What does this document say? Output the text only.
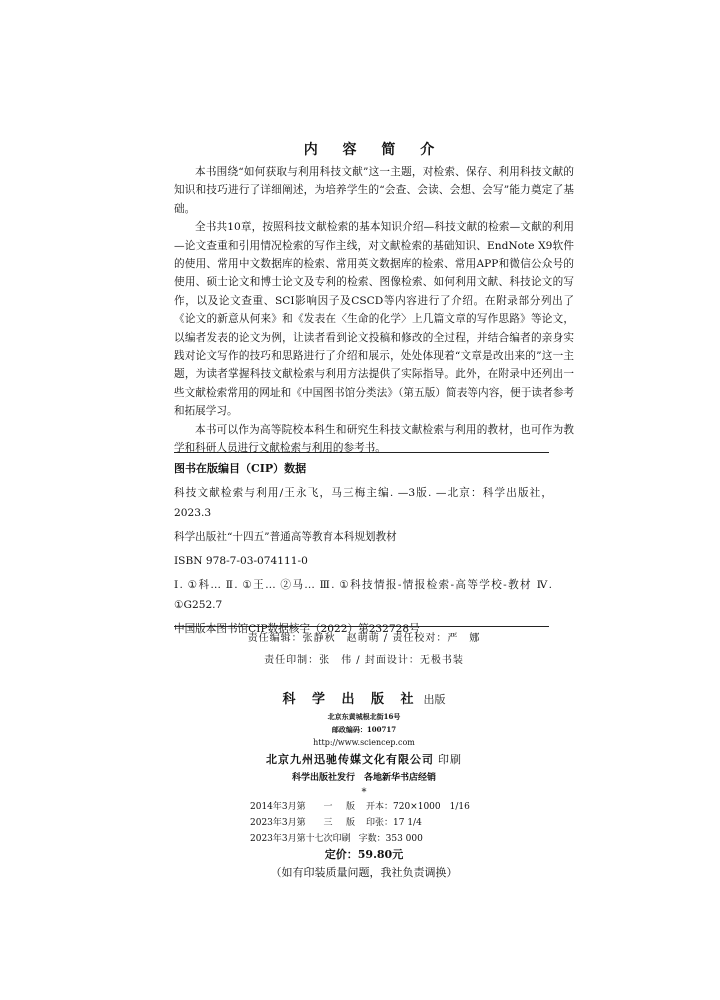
内 容 简 介

本书围绕“如何获取与利用科技文献”这一主题，对检索、保存、利用科技文献的知识和技巧进行了详细阐述，为培养学生的“会查、会读、会想、会写”能力奠定了基础。

全书共10章，按照科技文献检索的基本知识介绍—科技文献的检索—文献的利用—论文查重和引用情况检索的写作主线，对文献检索的基础知识、EndNote X9软件的使用、常用中文数据库的检索、常用英文数据库的检索、常用APP和微信公众号的使用、硕士论文和博士论文及专利的检索、图像检索、如何利用文献、科技论文的写作，以及论文查重、SCI影响因子及CSCD等内容进行了介绍。在附录部分列出了《论文的新意从何来》和《发表在〈生命的化学〉上几篇文章的写作思路》等论文，以编者发表的论文为例，让读者看到论文投稿和修改的全过程，并结合编者的亲身实践对论文写作的技巧和思路进行了介绍和展示，处处体现着“文章是改出来的”这一主题，为读者掌握科技文献检索与利用方法提供了实际指导。此外，在附录中还列出一些文献检索常用的网址和《中国图书馆分类法》（第五版）简表等内容，便于读者参考和拓展学习。

本书可以作为高等院校本科生和研究生科技文献检索与利用的教材，也可作为教学和科研人员进行文献检索与利用的参考书。

图书在版编目（CIP）数据
科技文献检索与利用/王永飞，马三梅主编. —3版. —北京：科学出版社，2023.3
科学出版社“十四五”普通高等教育本科规划教材
ISBN 978-7-03-074111-0
Ⅰ. ①科… Ⅱ. ①王… ②马… Ⅲ. ①科技情报-情报检索-高等学校-教材 Ⅳ. ①G252.7
中国版本图书馆CIP数据核字（2022）第232728号
责任编辑：张静秋　赵萌萌 / 责任校对：严　娜
责任印制：张　伟 / 封面设计：无极书装
科 学 出 版 社 出版
北京东黄城根北街16号
邮政编码：100717
http://www.sciencep.com
北京九州迅驰传媒文化有限公司 印刷
科学出版社发行　各地新华书店经销
*
2014年3月第 一 版 开本：720×1000　1/16
2023年3月第 三 版 印张：17 1/4
2023年3月第十七次印刷 字数：353 000
定价：59.80元
（如有印装质量问题，我社负责调换）
